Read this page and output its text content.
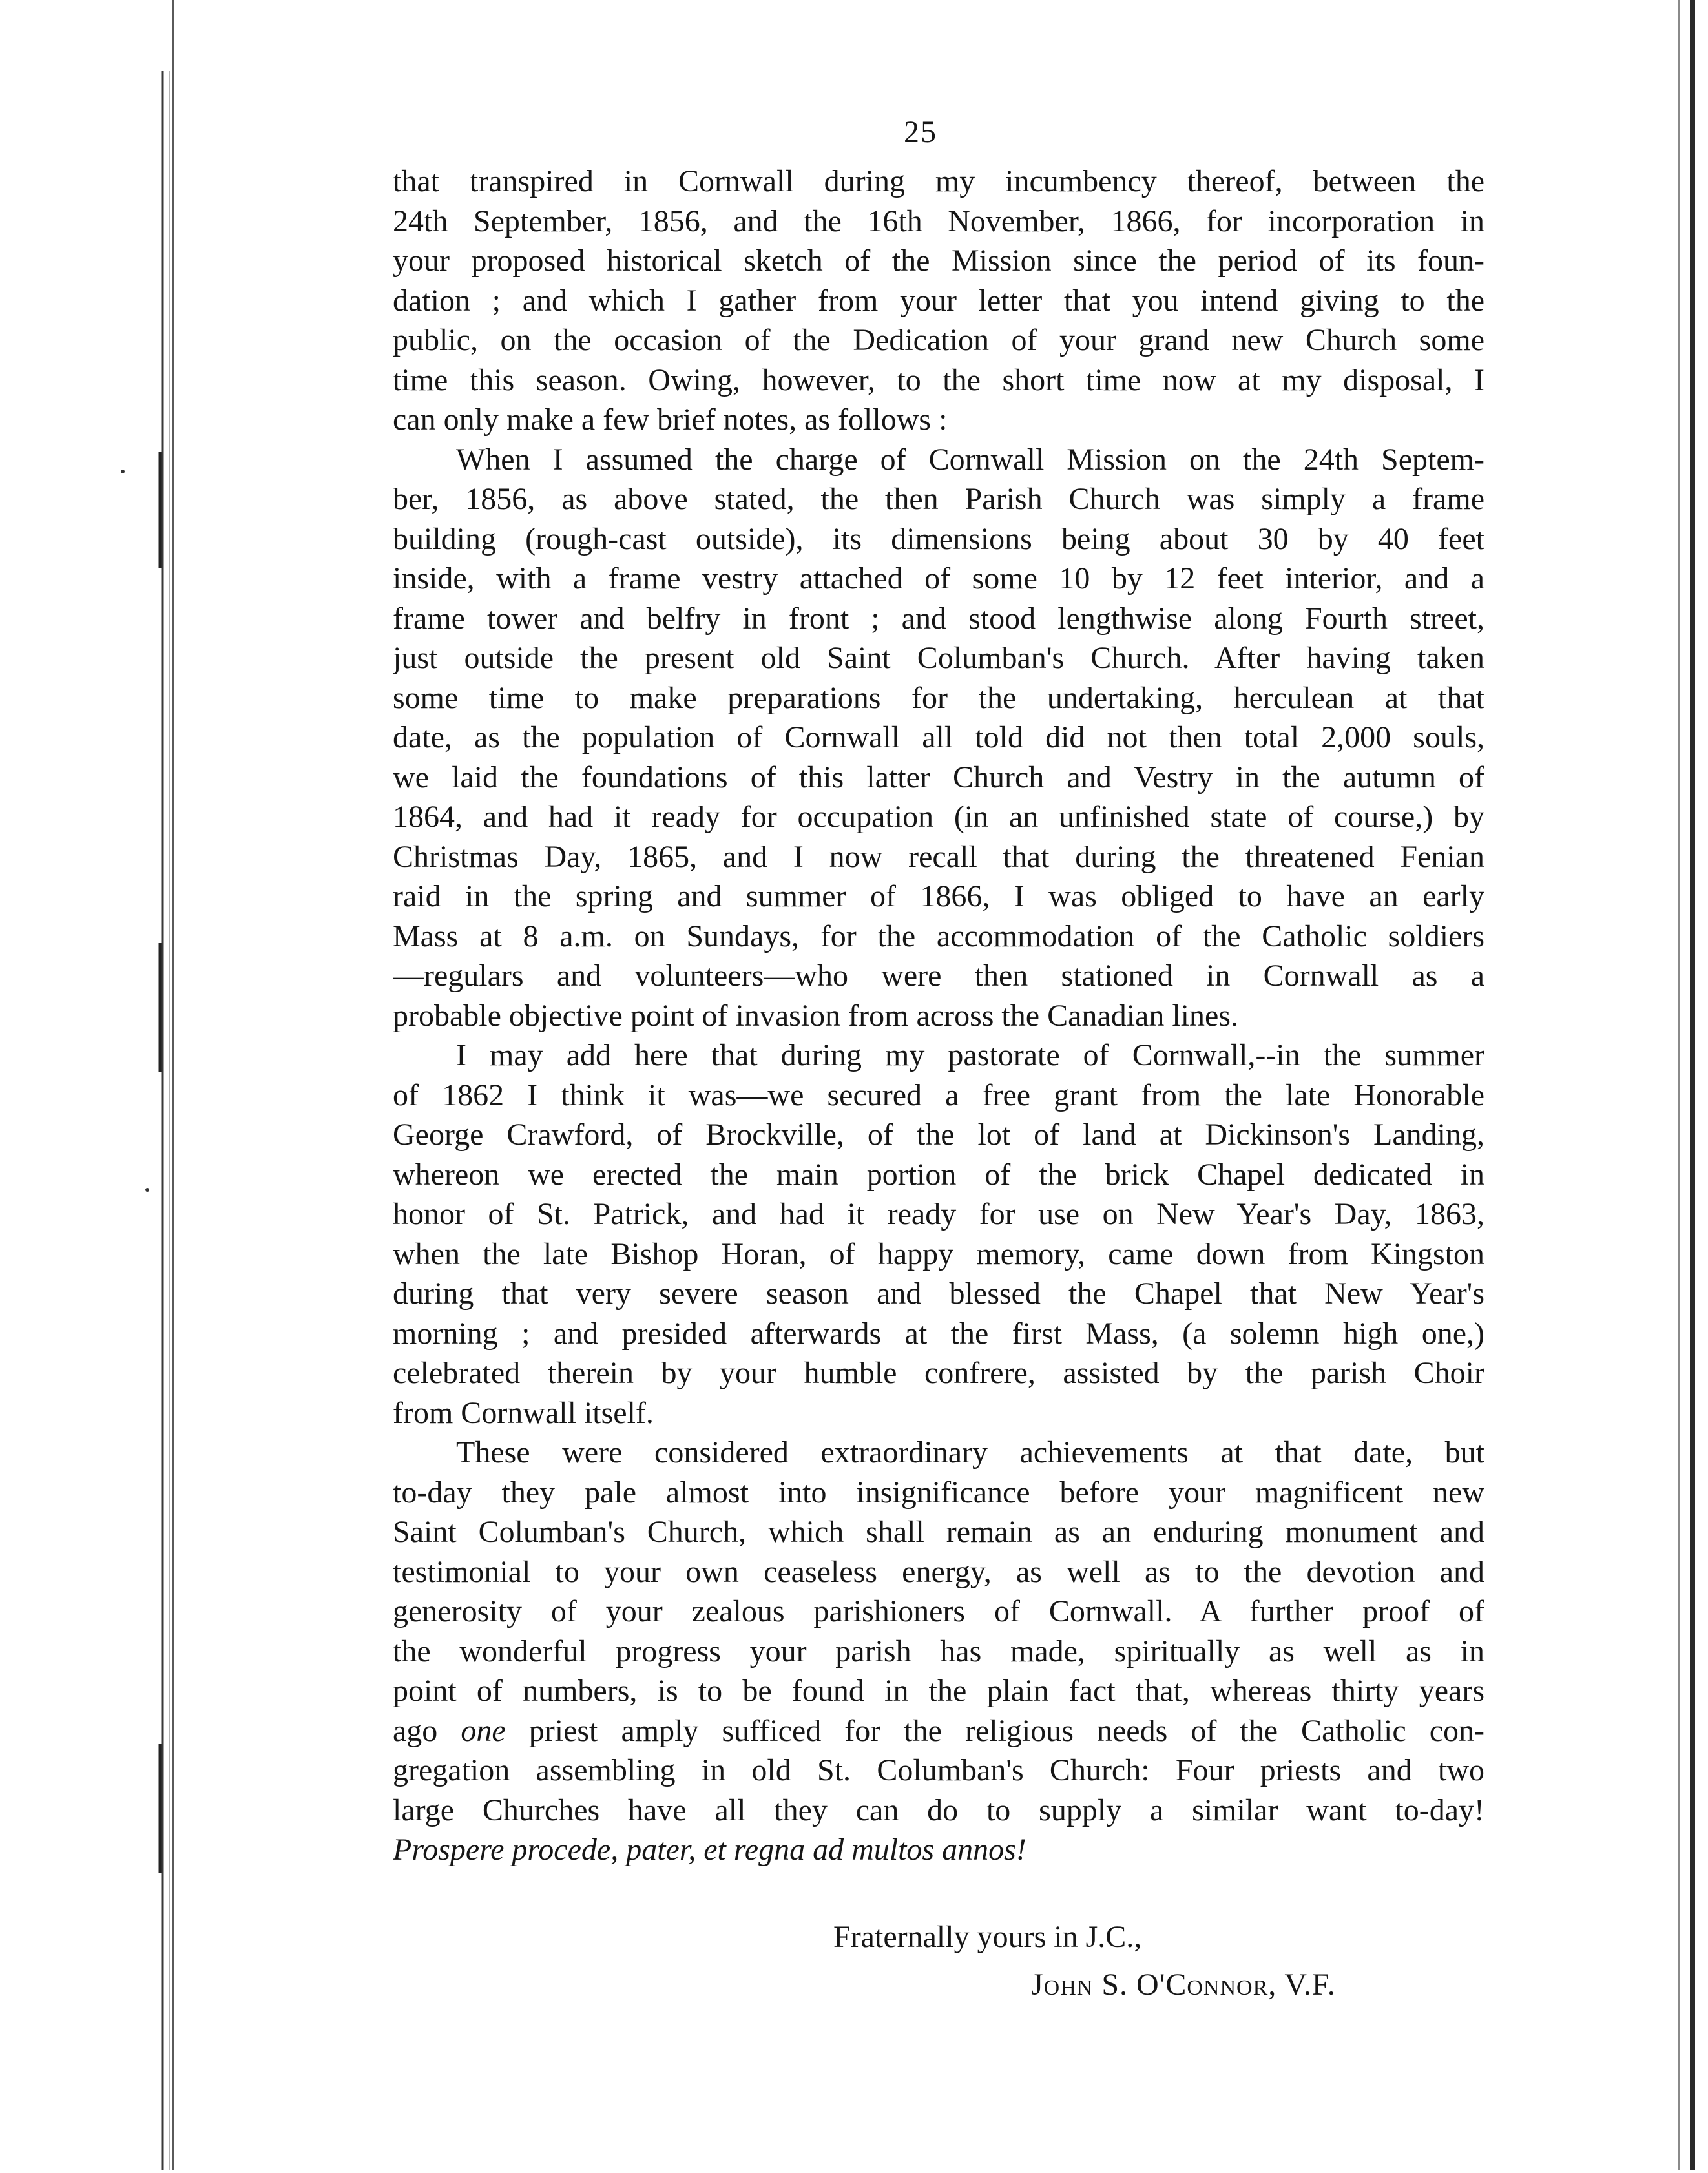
25
that transpired in Cornwall during my incumbency thereof, between the
24th September, 1856, and the 16th November, 1866, for incorporation in
your proposed historical sketch of the Mission since the period of its foun-
dation ; and which I gather from your letter that you intend giving to the
public, on the occasion of the Dedication of your grand new Church some
time this season. Owing, however, to the short time now at my disposal, I
can only make a few brief notes, as follows :
When I assumed the charge of Cornwall Mission on the 24th Septem-
ber, 1856, as above stated, the then Parish Church was simply a frame
building (rough-cast outside), its dimensions being about 30 by 40 feet
inside, with a frame vestry attached of some 10 by 12 feet interior, and a
frame tower and belfry in front ; and stood lengthwise along Fourth street,
just outside the present old Saint Columban's Church. After having taken
some time to make preparations for the undertaking, herculean at that
date, as the population of Cornwall all told did not then total 2,000 souls,
we laid the foundations of this latter Church and Vestry in the autumn of
1864, and had it ready for occupation (in an unfinished state of course,) by
Christmas Day, 1865, and I now recall that during the threatened Fenian
raid in the spring and summer of 1866, I was obliged to have an early
Mass at 8 a.m. on Sundays, for the accommodation of the Catholic soldiers
—regulars and volunteers—who were then stationed in Cornwall as a
probable objective point of invasion from across the Canadian lines.
I may add here that during my pastorate of Cornwall,--in the summer
of 1862 I think it was—we secured a free grant from the late Honorable
George Crawford, of Brockville, of the lot of land at Dickinson's Landing,
whereon we erected the main portion of the brick Chapel dedicated in
honor of St. Patrick, and had it ready for use on New Year's Day, 1863,
when the late Bishop Horan, of happy memory, came down from Kingston
during that very severe season and blessed the Chapel that New Year's
morning ; and presided afterwards at the first Mass, (a solemn high one,)
celebrated therein by your humble confrere, assisted by the parish Choir
from Cornwall itself.
These were considered extraordinary achievements at that date, but
to-day they pale almost into insignificance before your magnificent new
Saint Columban's Church, which shall remain as an enduring monument and
testimonial to your own ceaseless energy, as well as to the devotion and
generosity of your zealous parishioners of Cornwall. A further proof of
the wonderful progress your parish has made, spiritually as well as in
point of numbers, is to be found in the plain fact that, whereas thirty years
ago one priest amply sufficed for the religious needs of the Catholic con-
gregation assembling in old St. Columban's Church: Four priests and two
large Churches have all they can do to supply a similar want to-day!
Prospere procede, pater, et regna ad multos annos!
Fraternally yours in J.C.,
John S. O'Connor, V.F.
